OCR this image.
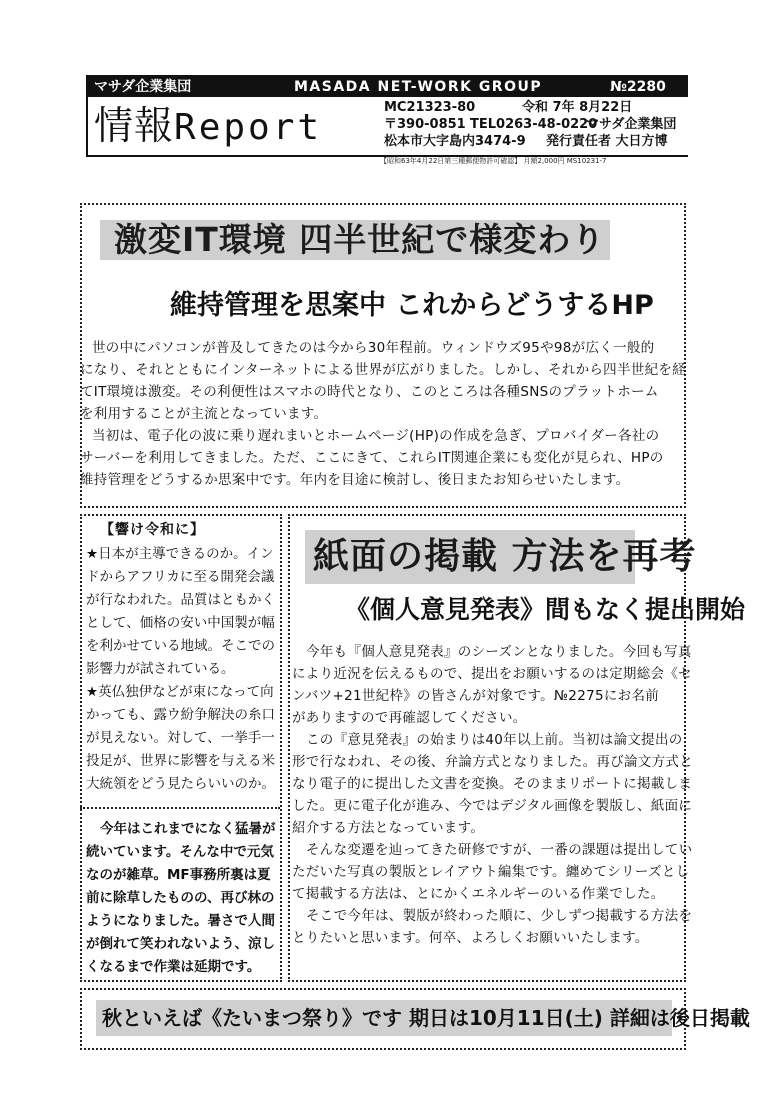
マサダ企業集団	MASADA NET-WORK GROUP	№2280
情報Report	MC21323-80	令和 7年 8月22日
〒390-0851 TEL0263-48-0220
マサダ企業集団
松本市大字島内3474-9 発行責任者 大日方博
【昭和63年4月22日第三種郵便物許可確認】 月額2,000円 MS10231-7
激変IT環境 四半世紀で様変わり
維持管理を思案中 これからどうするHP

世の中にパソコンが普及してきたのは今から30年程前。ウィンドウズ95や98が広く一般的

になり、それとともにインターネットによる世界が広がりました。しかし、それから四半世紀を経

てIT環境は激変。その利便性はスマホの時代となり、このところは各種SNSのプラットホーム

を利用することが主流となっています。

当初は、電子化の波に乗り遅れまいとホームページ(HP)の作成を急ぎ、プロバイダー各社の

サーバーを利用してきました。ただ、ここにきて、これらIT関連企業にも変化が見られ、HPの

維持管理をどうするか思案中です。年内を目途に検討し、後日またお知らせいたします。

【響け令和に】
★日本が主導できるのか。イン
ドからアフリカに至る開発会議
が行なわれた。品質はともかく
として、価格の安い中国製が幅
を利かせている地域。そこでの
影響力が試されている。
★英仏独伊などが束になって向
かっても、露ウ紛争解決の糸口
が見えない。対して、一挙手一
投足が、世界に影響を与える米
大統領をどう見たらいいのか。
今年はこれまでになく猛暑が
続いています。そんな中で元気
なのが雑草。MF事務所裏は夏
前に除草したものの、再び林の
ようになりました。暑さで人間
が倒れて笑われないよう、涼し
くなるまで作業は延期です。
紙面の掲載 方法を再考
《個人意見発表》間もなく提出開始

今年も『個人意見発表』のシーズンとなりました。今回も写真

により近況を伝えるもので、提出をお願いするのは定期総会《セ

ンバツ+21世紀枠》の皆さんが対象です。№2275にお名前

がありますので再確認してください。

この『意見発表』の始まりは40年以上前。当初は論文提出の

形で行なわれ、その後、弁論方式となりました。再び論文方式と

なり電子的に提出した文書を変換。そのままリポートに掲載しま

した。更に電子化が進み、今ではデジタル画像を製版し、紙面に

紹介する方法となっています。

そんな変遷を辿ってきた研修ですが、一番の課題は提出してい

ただいた写真の製版とレイアウト編集です。纏めてシリーズとし

て掲載する方法は、とにかくエネルギーのいる作業でした。

そこで今年は、製版が終わった順に、少しずつ掲載する方法を

とりたいと思います。何卒、よろしくお願いいたします。

秋といえば《たいまつ祭り》です 期日は10月11日(土) 詳細は後日掲載
